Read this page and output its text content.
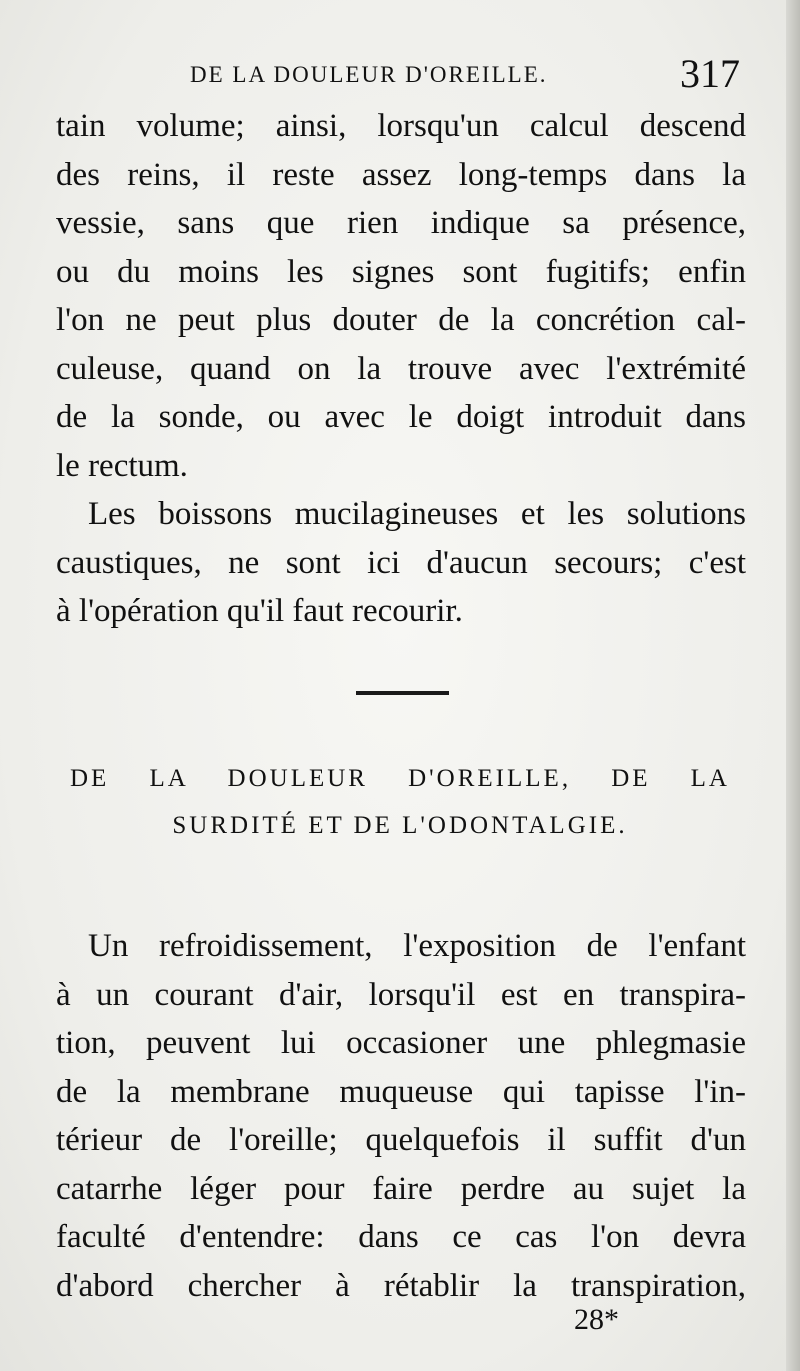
DE LA DOULEUR D'OREILLE.	317
tain volume; ainsi, lorsqu'un calcul descend
des reins, il reste assez long-temps dans la
vessie, sans que rien indique sa présence,
ou du moins les signes sont fugitifs; enfin
l'on ne peut plus douter de la concrétion cal-
culeuse, quand on la trouve avec l'extrémité
de la sonde, ou avec le doigt introduit dans
le rectum.
Les boissons mucilagineuses et les solutions
caustiques, ne sont ici d'aucun secours; c'est
à l'opération qu'il faut recourir.
DE LA DOULEUR D'OREILLE, DE LA
SURDITÉ ET DE L'ODONTALGIE.
Un refroidissement, l'exposition de l'enfant
à un courant d'air, lorsqu'il est en transpira-
tion, peuvent lui occasioner une phlegmasie
de la membrane muqueuse qui tapisse l'in-
térieur de l'oreille; quelquefois il suffit d'un
catarrhe léger pour faire perdre au sujet la
faculté d'entendre: dans ce cas l'on devra
d'abord chercher à rétablir la transpiration,
28*
